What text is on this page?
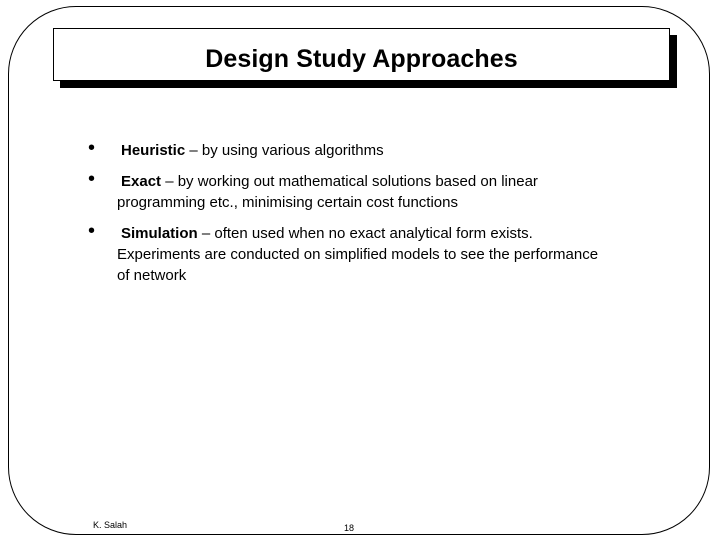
Design Study Approaches
• Heuristic – by using various algorithms
• Exact – by working out mathematical solutions based on linear
programming etc., minimising certain cost functions
• Simulation – often used when no exact analytical form exists.
Experiments are conducted on simplified models to see the performance
of network
K. Salah	18
